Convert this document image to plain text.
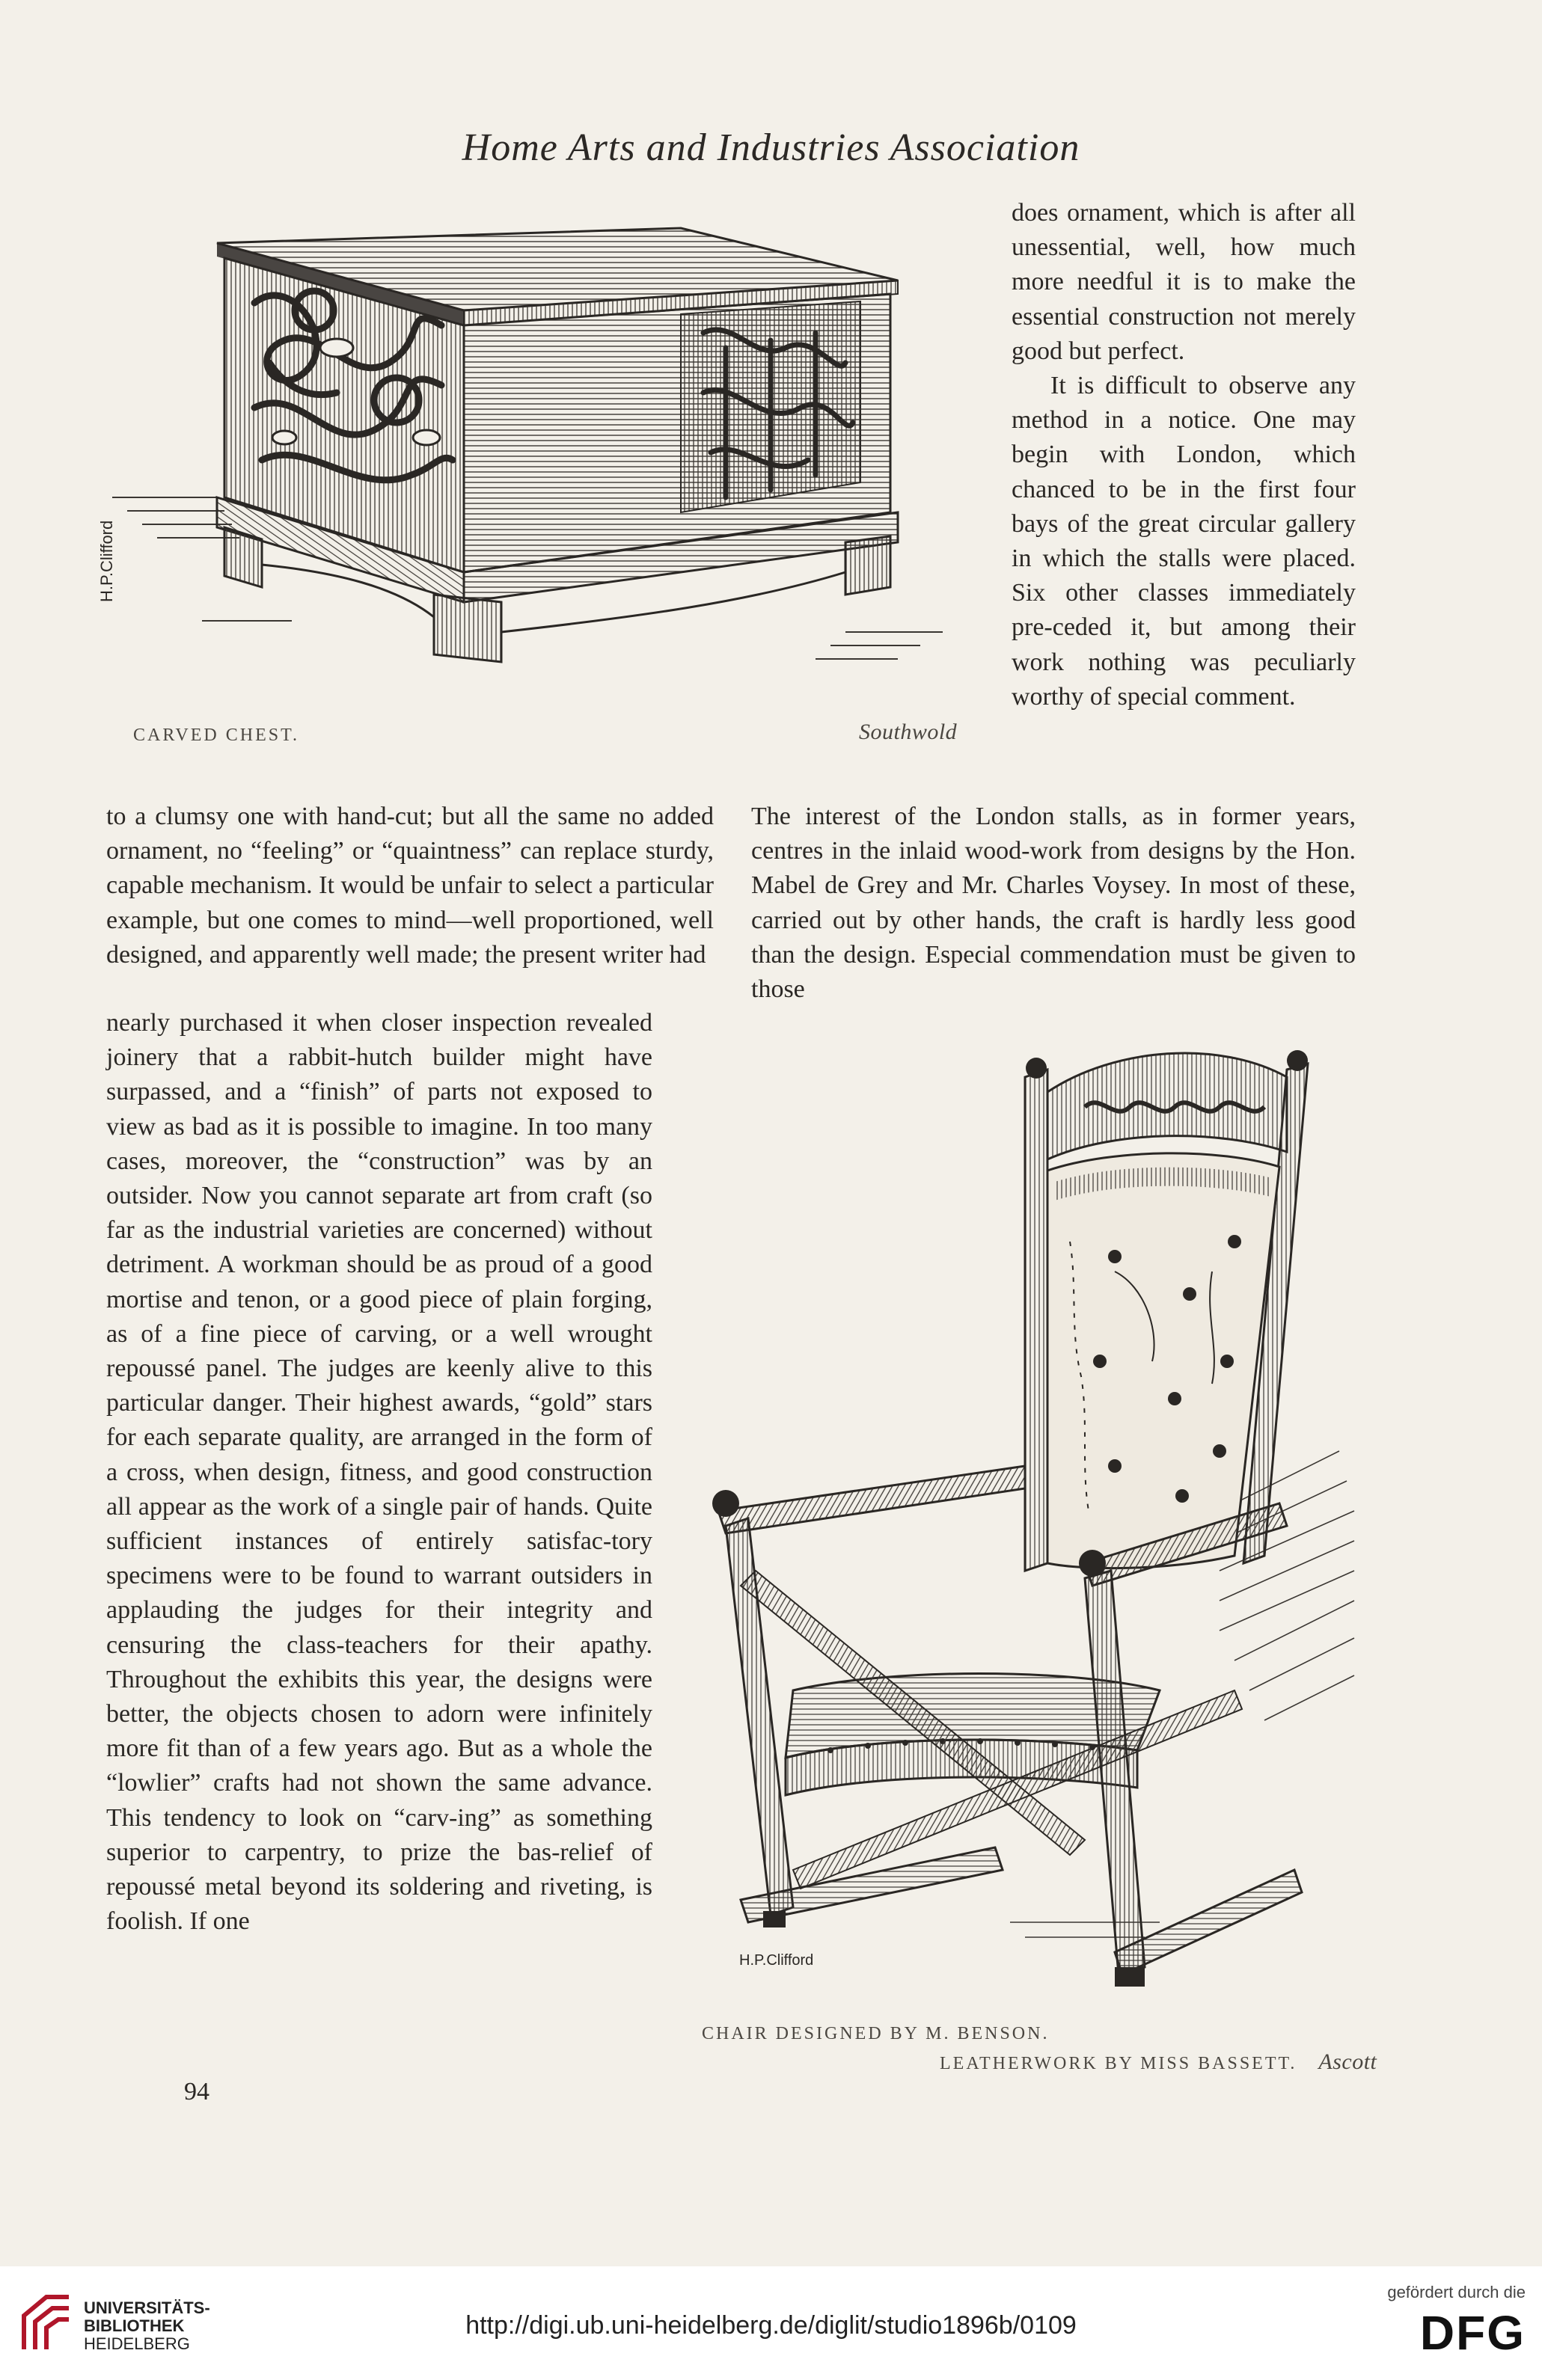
Home Arts and Industries Association
H.P.Clifford
CARVED CHEST.	Southwold

does ornament, which is after all unessential, well, how much more needful it is to make the essential construction not merely good but perfect.

It is difficult to observe any method in a notice. One may begin with London, which chanced to be in the first four bays of the great circular gallery in which the stalls were placed. Six other classes immediately pre-ceded it, but among their work nothing was peculiarly worthy of special comment.

to a clumsy one with hand-cut; but all the same no added ornament, no “feeling” or “quaintness” can replace sturdy, capable mechanism. It would be unfair to select a particular example, but one comes to mind—well proportioned, well designed, and apparently well made; the present writer had

The interest of the London stalls, as in former years, centres in the inlaid wood-work from designs by the Hon. Mabel de Grey and Mr. Charles Voysey. In most of these, carried out by other hands, the craft is hardly less good than the design. Especial commendation must be given to those

nearly purchased it when closer inspection revealed joinery that a rabbit-hutch builder might have surpassed, and a “finish” of parts not exposed to view as bad as it is possible to imagine. In too many cases, moreover, the “construction” was by an outsider. Now you cannot separate art from craft (so far as the industrial varieties are concerned) without detriment. A workman should be as proud of a good mortise and tenon, or a good piece of plain forging, as of a fine piece of carving, or a well wrought repoussé panel. The judges are keenly alive to this particular danger. Their highest awards, “gold” stars for each separate quality, are arranged in the form of a cross, when design, fitness, and good construction all appear as the work of a single pair of hands. Quite sufficient instances of entirely satisfac-tory specimens were to be found to warrant outsiders in applauding the judges for their integrity and censuring the class-teachers for their apathy. Throughout the exhibits this year, the designs were better, the objects chosen to adorn were infinitely more fit than of a few years ago. But as a whole the “lowlier” crafts had not shown the same advance. This tendency to look on “carv-ing” as something superior to carpentry, to prize the bas-relief of repoussé metal beyond its soldering and riveting, is foolish. If one

H.P.Clifford
CHAIR DESIGNED BY M. BENSON.
LEATHERWORK BY MISS BASSETT. Ascott
94
UNIVERSITÄTS-
BIBLIOTHEK
HEIDELBERG
http://digi.ub.uni-heidelberg.de/diglit/studio1896b/0109
gefördert durch die
DFG
